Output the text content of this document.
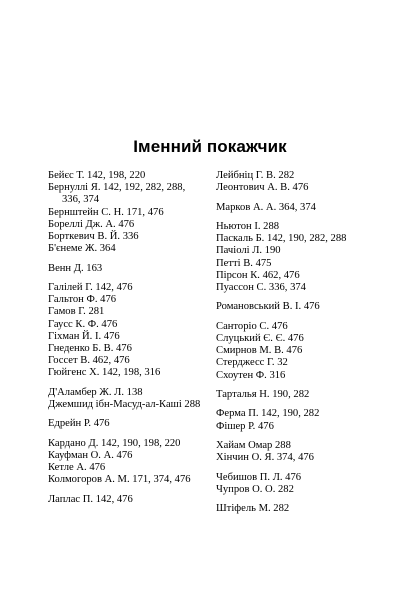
Іменний покажчик
Бейєс Т. 142, 198, 220
Бернуллі Я. 142, 192, 282, 288,
336, 374
Бернштейн С. Н. 171, 476
Бореллі Дж. А. 476
Борткевич В. Й. 336
Б'єнеме Ж. 364
Венн Д. 163
Галілей Г. 142, 476
Гальтон Ф. 476
Гамов Г. 281
Гаусс К. Ф. 476
Гіхман Й. І. 476
Гнеденко Б. В. 476
Госсет В. 462, 476
Гюйгенс Х. 142, 198, 316
Д'Аламбер Ж. Л. 138
Джемшид ібн-Масуд-ал-Каші 288
Едрейн Р. 476
Кардано Д. 142, 190, 198, 220
Кауфман О. А. 476
Кетле А. 476
Колмогоров А. М. 171, 374, 476
Лаплас П. 142, 476
Лейбніц Г. В. 282
Леонтович А. В. 476
Марков А. А. 364, 374
Ньютон І. 288
Паскаль Б. 142, 190, 282, 288
Пачіолі Л. 190
Петті В. 475
Пірсон К. 462, 476
Пуассон С. 336, 374
Романовський В. І. 476
Санторіо С. 476
Слуцький Є. Є. 476
Смирнов М. В. 476
Стерджесс Г. 32
Схоутен Ф. 316
Тарталья Н. 190, 282
Ферма П. 142, 190, 282
Фішер Р. 476
Хайам Омар 288
Хінчин О. Я. 374, 476
Чебишов П. Л. 476
Чупров О. О. 282
Штіфель М. 282
